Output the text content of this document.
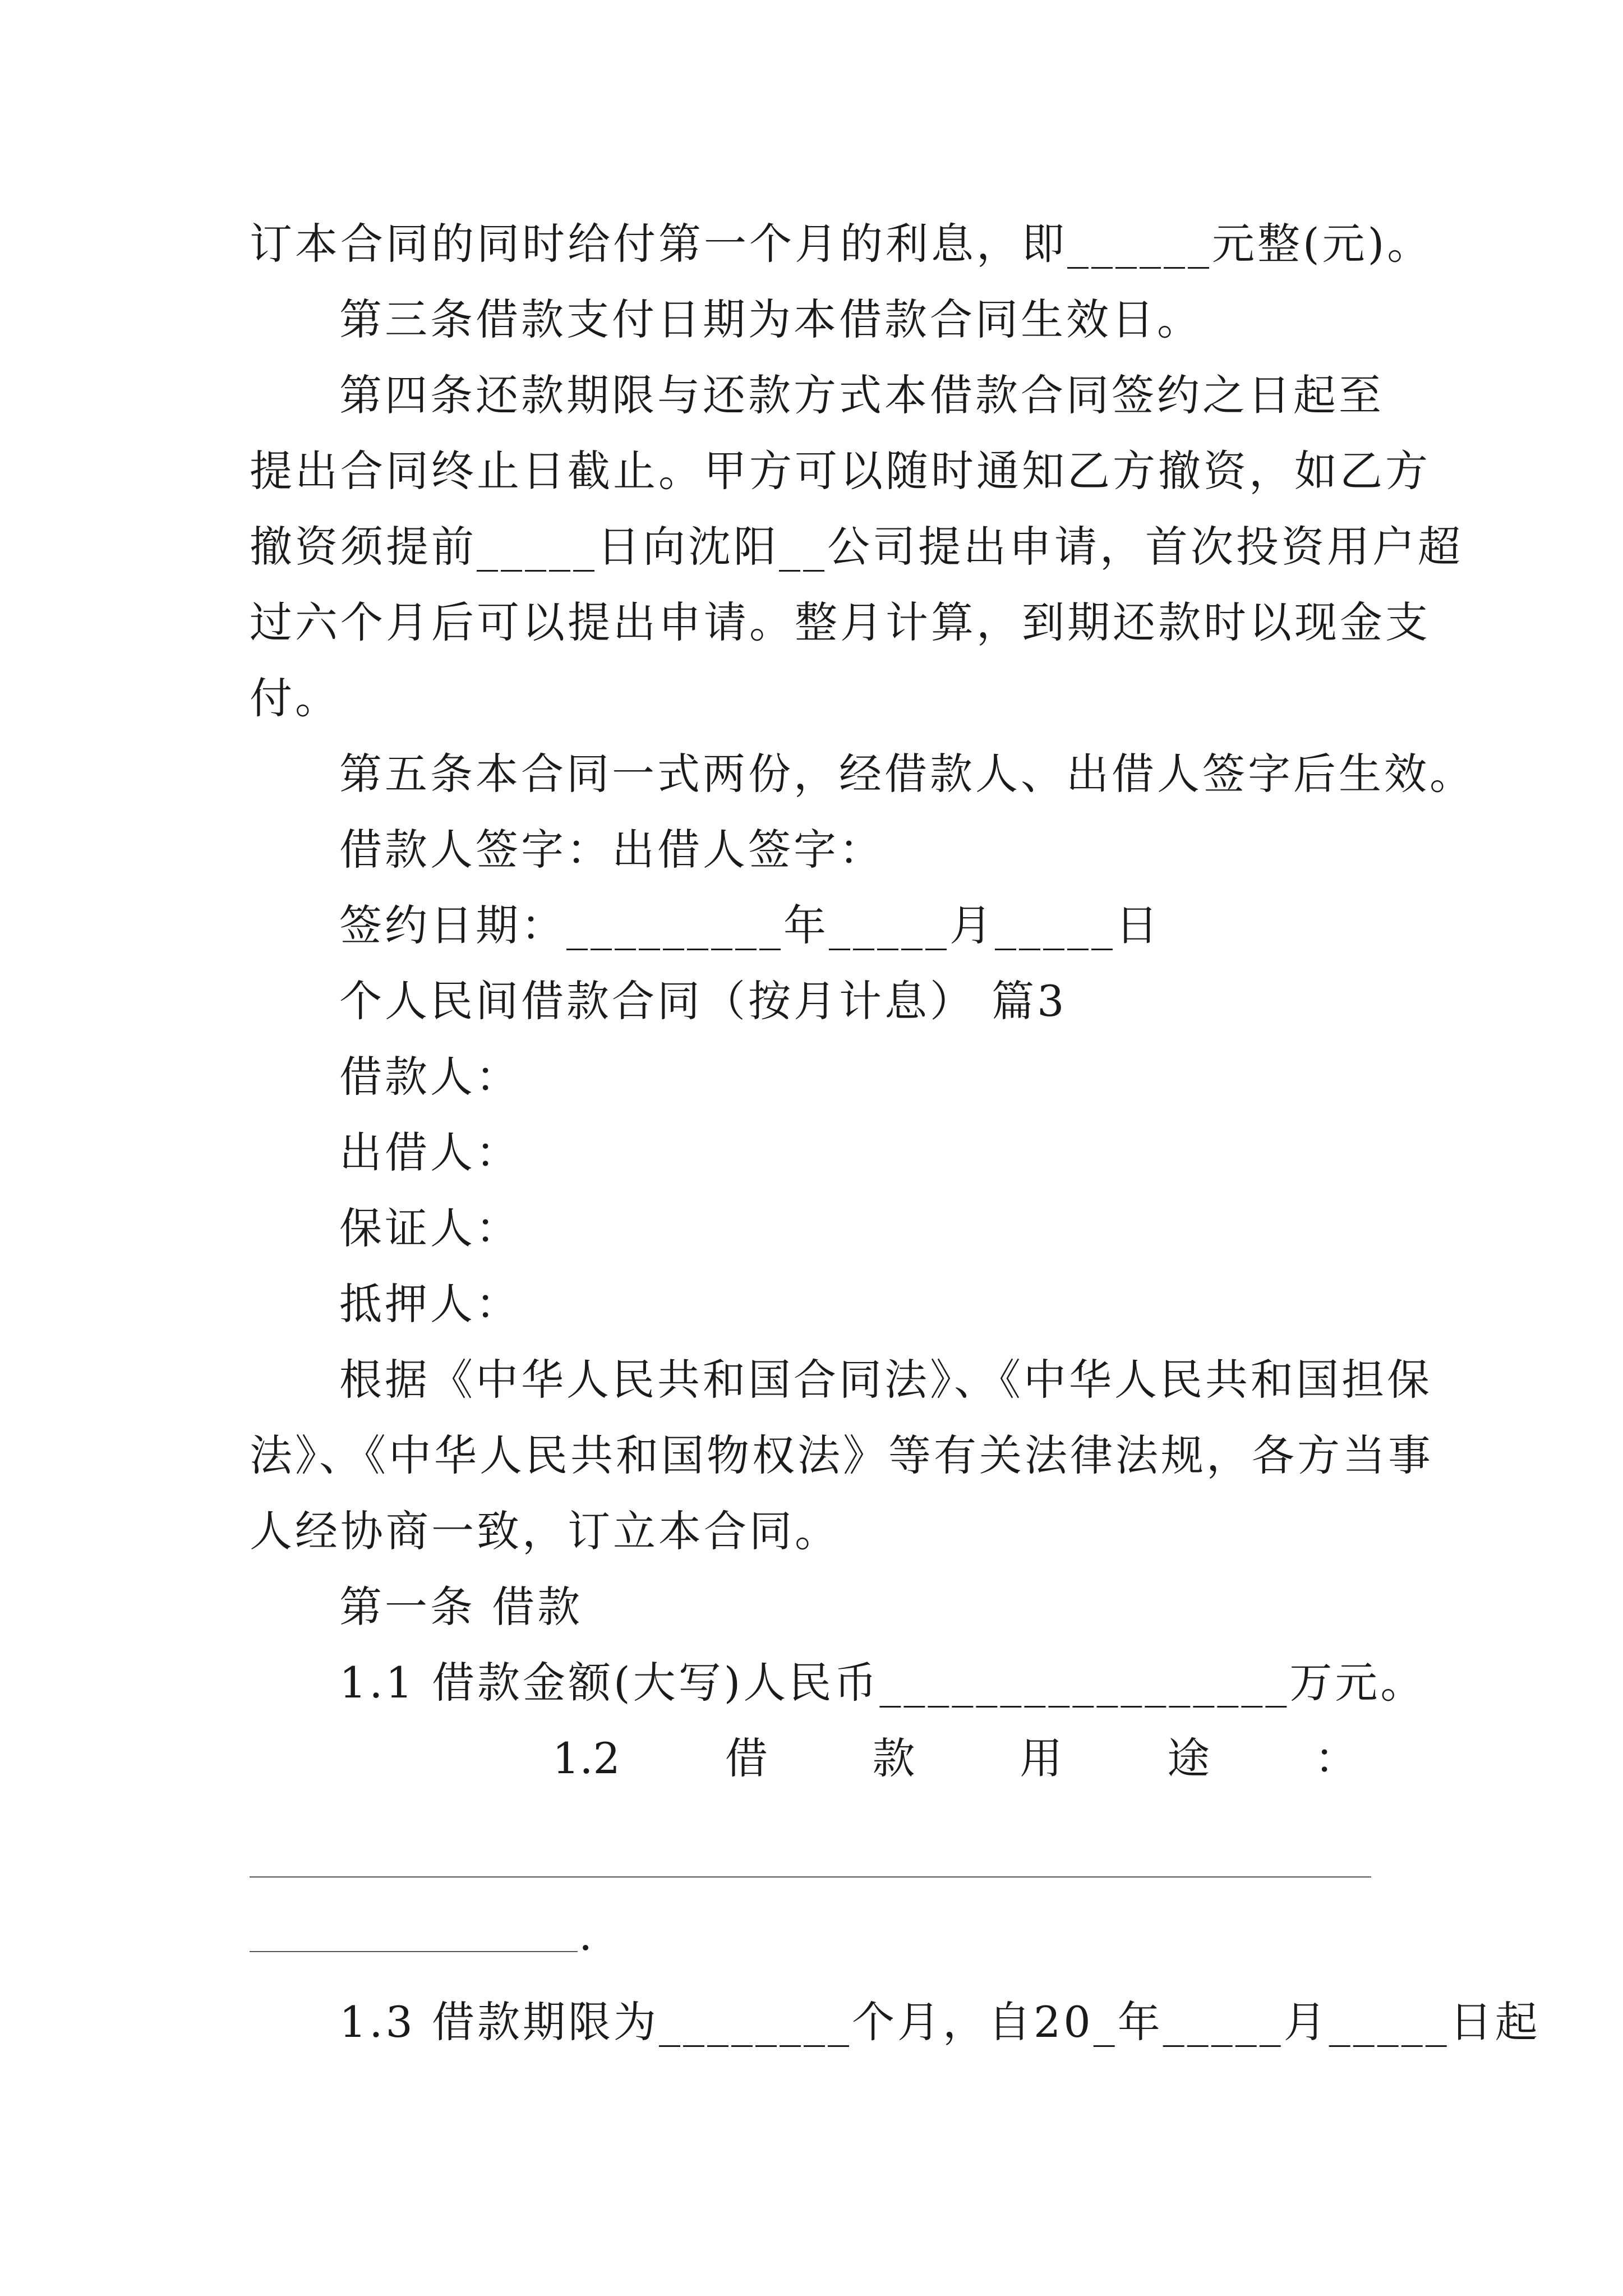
订本合同的同时给付第一个月的利息，即______元整(元)。
第三条借款支付日期为本借款合同生效日。
第四条还款期限与还款方式本借款合同签约之日起至
提出合同终止日截止。甲方可以随时通知乙方撤资，如乙方
撤资须提前_____日向沈阳__公司提出申请，首次投资用户超
过六个月后可以提出申请。整月计算，到期还款时以现金支
付。
第五条本合同一式两份，经借款人、出借人签字后生效。
借款人签字：出借人签字：
签约日期：_________年_____月_____日
个人民间借款合同（按月计息） 篇3
借款人：
出借人：
保证人：
抵押人：
根据《中华人民共和国合同法》、《中华人民共和国担保
法》、《中华人民共和国物权法》等有关法律法规，各方当事
人经协商一致，订立本合同。
第一条 借款
1.1 借款金额(大写)人民币_________________万元。
1.2 借 款 用 途 ：
.
1.3 借款期限为________个月，自20_年_____月_____日起
